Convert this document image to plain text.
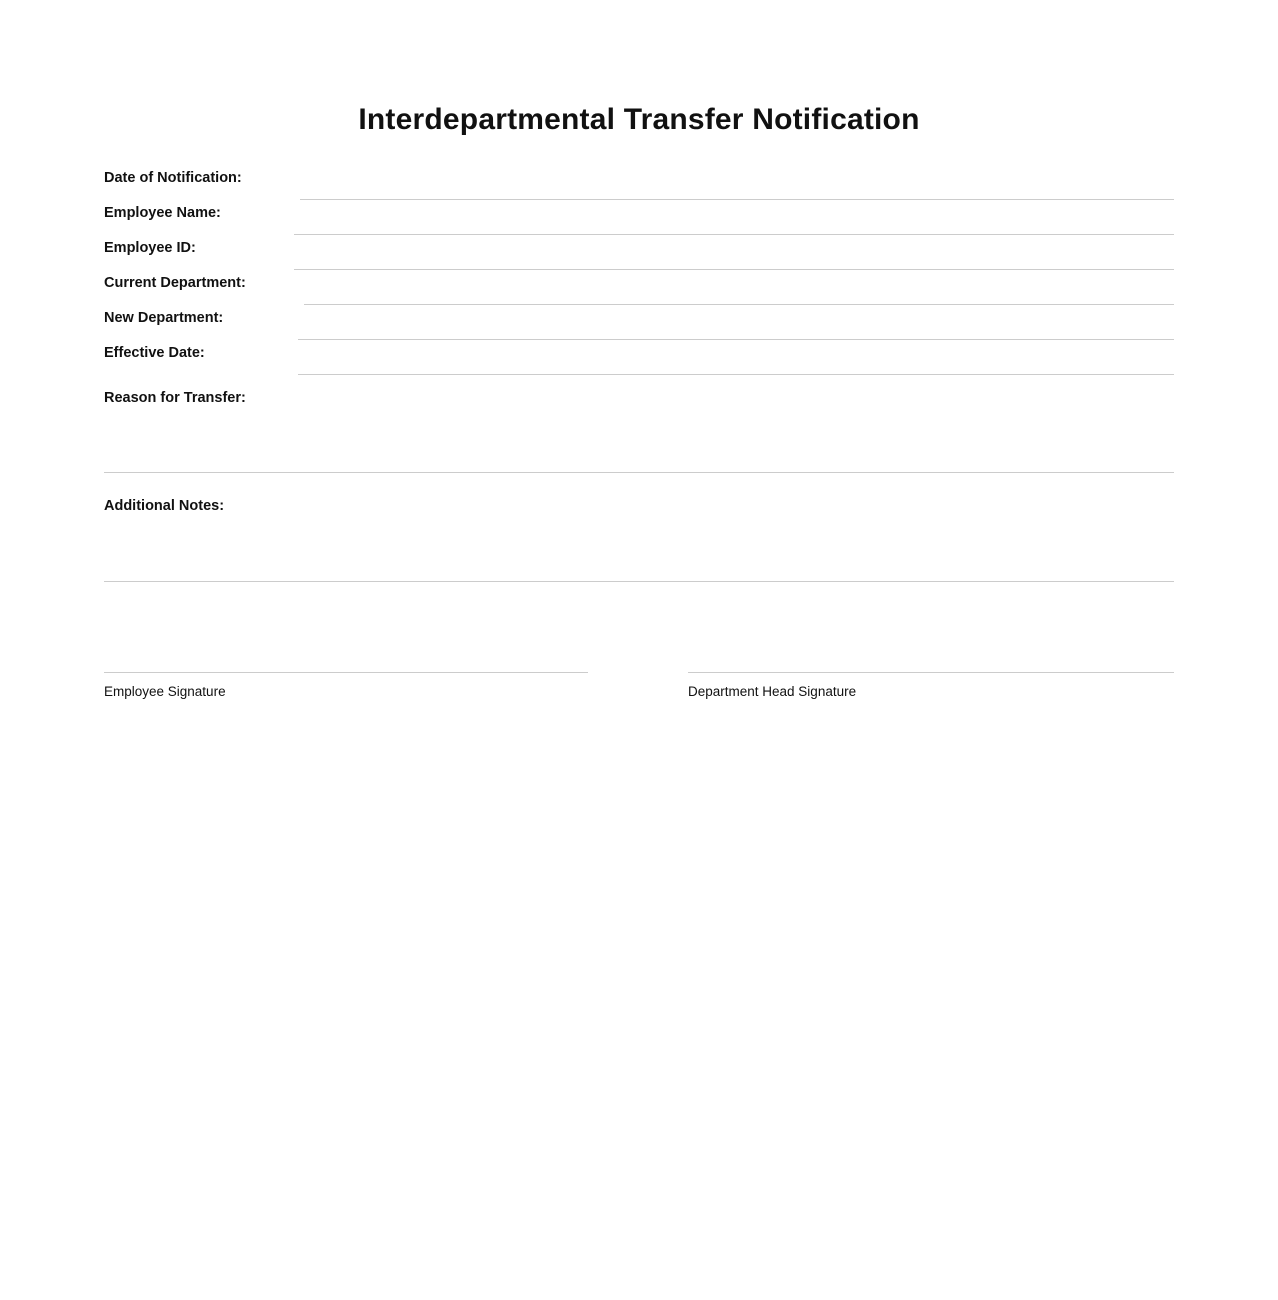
Interdepartmental Transfer Notification
Date of Notification:
Employee Name:
Employee ID:
Current Department:
New Department:
Effective Date:
Reason for Transfer:
Additional Notes:
Employee Signature	Department Head Signature
